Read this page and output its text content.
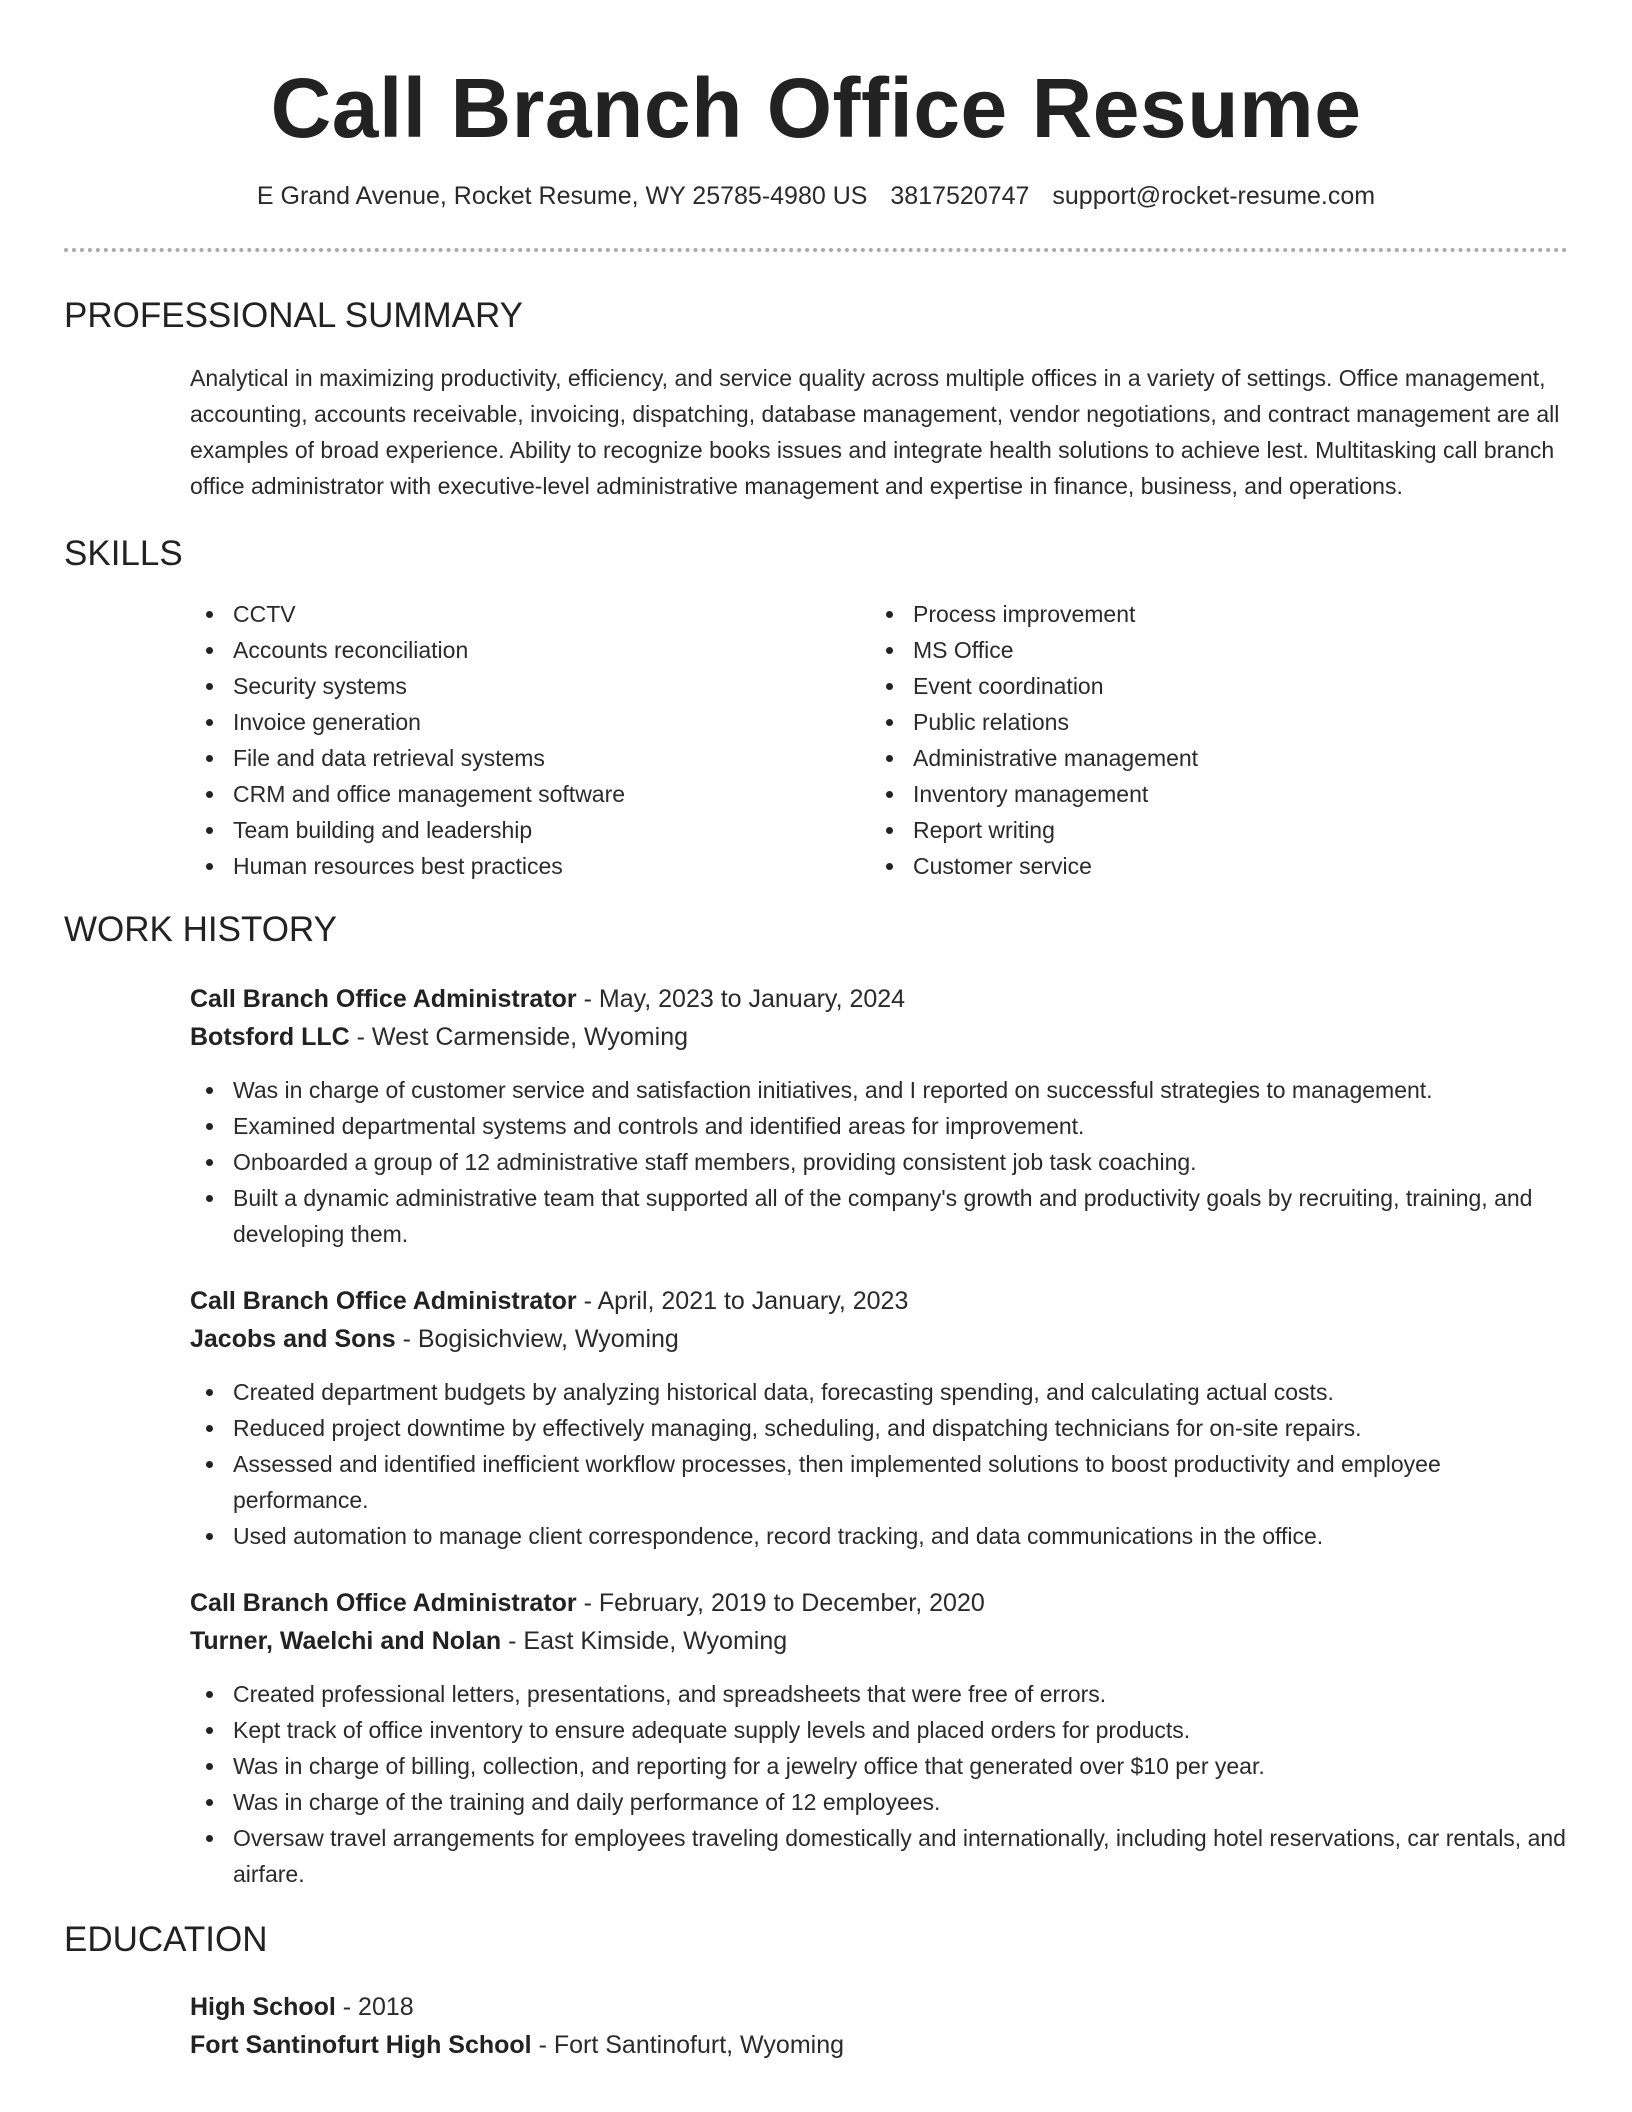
Call Branch Office Resume
E Grand Avenue, Rocket Resume, WY 25785-4980 US 3817520747 support@rocket-resume.com
PROFESSIONAL SUMMARY
Analytical in maximizing productivity, efficiency, and service quality across multiple offices in a variety of settings. Office management, accounting, accounts receivable, invoicing, dispatching, database management, vendor negotiations, and contract management are all examples of broad experience. Ability to recognize books issues and integrate health solutions to achieve lest. Multitasking call branch office administrator with executive-level administrative management and expertise in finance, business, and operations.
SKILLS
CCTV
Accounts reconciliation
Security systems
Invoice generation
File and data retrieval systems
CRM and office management software
Team building and leadership
Human resources best practices
Process improvement
MS Office
Event coordination
Public relations
Administrative management
Inventory management
Report writing
Customer service
WORK HISTORY
Call Branch Office Administrator - May, 2023 to January, 2024
Botsford LLC - West Carmenside, Wyoming
Was in charge of customer service and satisfaction initiatives, and I reported on successful strategies to management.
Examined departmental systems and controls and identified areas for improvement.
Onboarded a group of 12 administrative staff members, providing consistent job task coaching.
Built a dynamic administrative team that supported all of the company's growth and productivity goals by recruiting, training, and developing them.
Call Branch Office Administrator - April, 2021 to January, 2023
Jacobs and Sons - Bogisichview, Wyoming
Created department budgets by analyzing historical data, forecasting spending, and calculating actual costs.
Reduced project downtime by effectively managing, scheduling, and dispatching technicians for on-site repairs.
Assessed and identified inefficient workflow processes, then implemented solutions to boost productivity and employee performance.
Used automation to manage client correspondence, record tracking, and data communications in the office.
Call Branch Office Administrator - February, 2019 to December, 2020
Turner, Waelchi and Nolan - East Kimside, Wyoming
Created professional letters, presentations, and spreadsheets that were free of errors.
Kept track of office inventory to ensure adequate supply levels and placed orders for products.
Was in charge of billing, collection, and reporting for a jewelry office that generated over $10 per year.
Was in charge of the training and daily performance of 12 employees.
Oversaw travel arrangements for employees traveling domestically and internationally, including hotel reservations, car rentals, and airfare.
EDUCATION
High School - 2018
Fort Santinofurt High School - Fort Santinofurt, Wyoming
